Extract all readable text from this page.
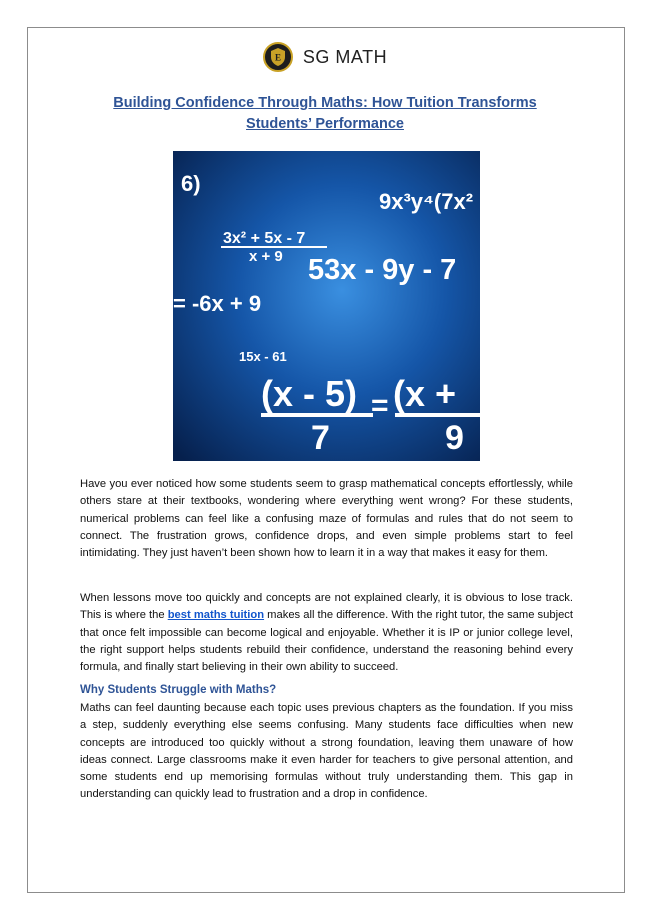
E SG MATH
Building Confidence Through Maths: How Tuition Transforms Students’ Performance
6)
9x³y⁴(7x²
3x² + 5x - 7
x + 9 53x - 9y - 7
= -6x + 9
15x - 61
(x - 5)
7
= (x +
9

Have you ever noticed how some students seem to grasp mathematical concepts effortlessly, while others stare at their textbooks, wondering where everything went wrong? For these students, numerical problems can feel like a confusing maze of formulas and rules that do not seem to connect. The frustration grows, confidence drops, and even simple problems start to feel intimidating. They just haven’t been shown how to learn it in a way that makes it easy for them.

When lessons move too quickly and concepts are not explained clearly, it is obvious to lose track. This is where the best maths tuition makes all the difference. With the right tutor, the same subject that once felt impossible can become logical and enjoyable. Whether it is IP or junior college level, the right support helps students rebuild their confidence, understand the reasoning behind every formula, and finally start believing in their own ability to succeed.

Why Students Struggle with Maths?

Maths can feel daunting because each topic uses previous chapters as the foundation. If you miss a step, suddenly everything else seems confusing. Many students face difficulties when new concepts are introduced too quickly without a strong foundation, leaving them unaware of how ideas connect. Large classrooms make it even harder for teachers to give personal attention, and some students end up memorising formulas without truly understanding them. This gap in understanding can quickly lead to frustration and a drop in confidence.
